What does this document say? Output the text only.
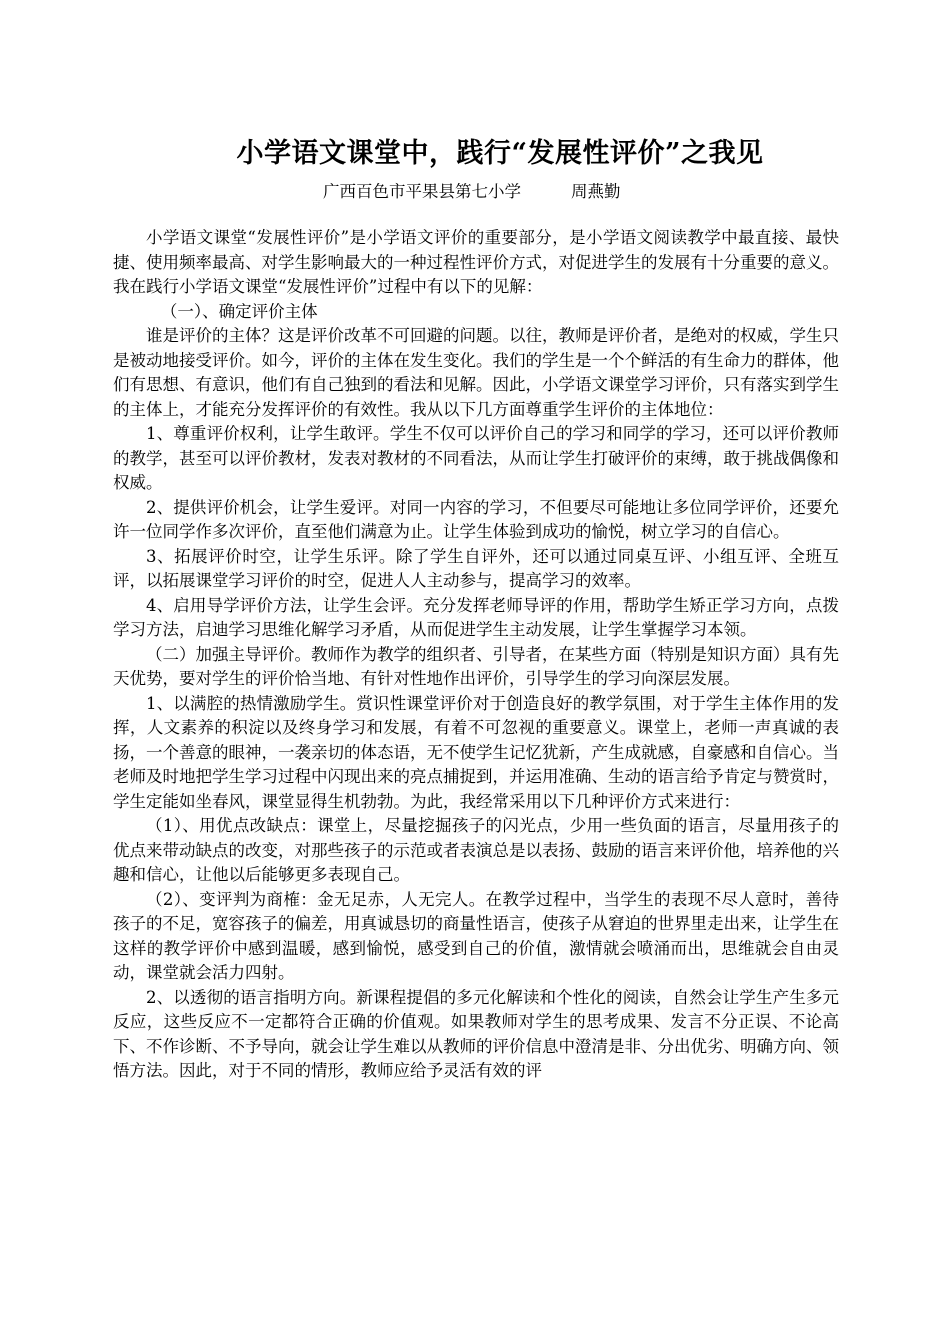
小学语文课堂中，践行“发展性评价”之我见
广西百色市平果县第七小学	周燕勤

小学语文课堂“发展性评价”是小学语文评价的重要部分，是小学语文阅读教学中最直接、最快捷、使用频率最高、对学生影响最大的一种过程性评价方式，对促进学生的发展有十分重要的意义。我在践行小学语文课堂“发展性评价”过程中有以下的见解：

（一）、确定评价主体

谁是评价的主体？这是评价改革不可回避的问题。以往，教师是评价者，是绝对的权威，学生只是被动地接受评价。如今，评价的主体在发生变化。我们的学生是一个个鲜活的有生命力的群体，他们有思想、有意识，他们有自己独到的看法和见解。因此，小学语文课堂学习评价，只有落实到学生的主体上，才能充分发挥评价的有效性。我从以下几方面尊重学生评价的主体地位：

1、尊重评价权利，让学生敢评。学生不仅可以评价自己的学习和同学的学习，还可以评价教师的教学，甚至可以评价教材，发表对教材的不同看法，从而让学生打破评价的束缚，敢于挑战偶像和权威。

2、提供评价机会，让学生爱评。对同一内容的学习，不但要尽可能地让多位同学评价，还要允许一位同学作多次评价，直至他们满意为止。让学生体验到成功的愉悦，树立学习的自信心。

3、拓展评价时空，让学生乐评。除了学生自评外，还可以通过同桌互评、小组互评、全班互评，以拓展课堂学习评价的时空，促进人人主动参与，提高学习的效率。

4、启用导学评价方法，让学生会评。充分发挥老师导评的作用，帮助学生矫正学习方向，点拨学习方法，启迪学习思维化解学习矛盾，从而促进学生主动发展，让学生掌握学习本领。

（二）加强主导评价。教师作为教学的组织者、引导者，在某些方面（特别是知识方面）具有先天优势，要对学生的评价恰当地、有针对性地作出评价，引导学生的学习向深层发展。

1、以满腔的热情激励学生。赏识性课堂评价对于创造良好的教学氛围，对于学生主体作用的发挥，人文素养的积淀以及终身学习和发展，有着不可忽视的重要意义。课堂上，老师一声真诚的表扬，一个善意的眼神，一袭亲切的体态语，无不使学生记忆犹新，产生成就感，自豪感和自信心。当老师及时地把学生学习过程中闪现出来的亮点捕捉到，并运用准确、生动的语言给予肯定与赞赏时，学生定能如坐春风，课堂显得生机勃勃。为此，我经常采用以下几种评价方式来进行：

（1）、用优点改缺点：课堂上，尽量挖掘孩子的闪光点，少用一些负面的语言，尽量用孩子的优点来带动缺点的改变，对那些孩子的示范或者表演总是以表扬、鼓励的语言来评价他，培养他的兴趣和信心，让他以后能够更多表现自己。

（2）、变评判为商榷：金无足赤，人无完人。在教学过程中，当学生的表现不尽人意时，善待孩子的不足，宽容孩子的偏差，用真诚恳切的商量性语言，使孩子从窘迫的世界里走出来，让学生在这样的教学评价中感到温暖，感到愉悦，感受到自己的价值，激情就会喷涌而出，思维就会自由灵动，课堂就会活力四射。

2、以透彻的语言指明方向。新课程提倡的多元化解读和个性化的阅读，自然会让学生产生多元反应，这些反应不一定都符合正确的价值观。如果教师对学生的思考成果、发言不分正误、不论高下、不作诊断、不予导向，就会让学生难以从教师的评价信息中澄清是非、分出优劣、明确方向、领悟方法。因此，对于不同的情形，教师应给予灵活有效的评
